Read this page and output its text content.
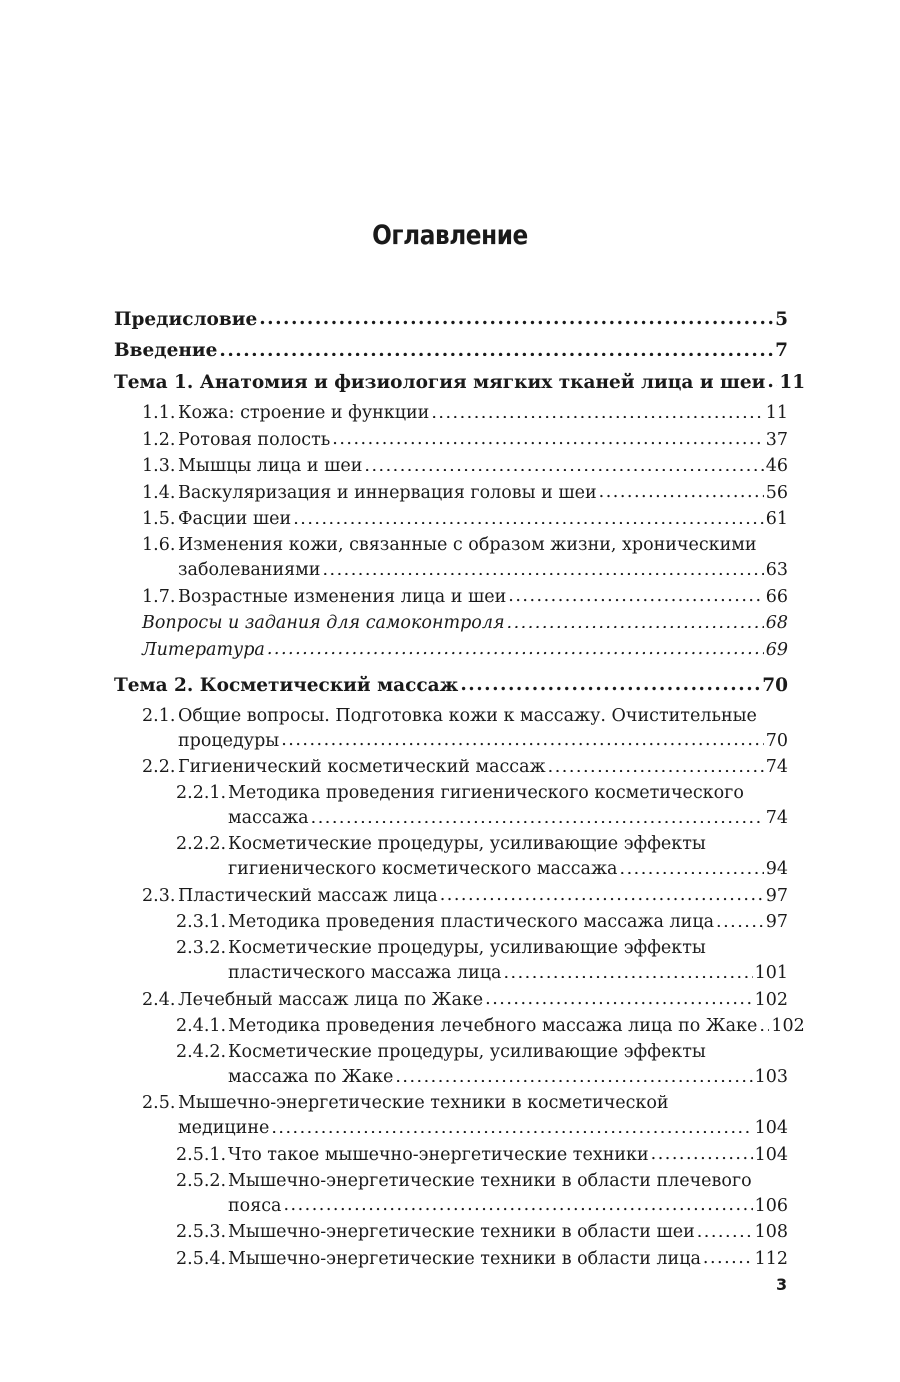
Оглавление
Предисловие .....	5
Введение .....	7
Тема 1. Анатомия и физиология мягких тканей лица и шеи ..... 11
1.1. Кожа: строение и функции .....	11
1.2. Ротовая полость .....	37
1.3. Мышцы лица и шеи .....	46
1.4. Васкуляризация и иннервация головы и шеи .....	56
1.5. Фасции шеи .....	61
1.6. Изменения кожи, связанные с образом жизни, хроническими
заболеваниями .....	63
1.7. Возрастные изменения лица и шеи .....	66
Вопросы и задания для самоконтроля .....	68
Литература .....	69
Тема 2. Косметический массаж .....	70
2.1. Общие вопросы. Подготовка кожи к массажу. Очистительные
процедуры .....	70
2.2. Гигиенический косметический массаж .....	74
2.2.1. Методика проведения гигиенического косметического
массажа .....	74
2.2.2. Косметические процедуры, усиливающие эффекты
гигиенического косметического массажа .....	94
2.3. Пластический массаж лица .....	97
2.3.1. Методика проведения пластического массажа лица .....	97
2.3.2. Косметические процедуры, усиливающие эффекты
пластического массажа лица .....	101
2.4. Лечебный массаж лица по Жаке .....	102
2.4.1. Методика проведения лечебного массажа лица по Жаке ..... 102
2.4.2. Косметические процедуры, усиливающие эффекты
массажа по Жаке .....	103
2.5. Мышечно-энергетические техники в косметической
медицине .....	104
2.5.1. Что такое мышечно-энергетические техники .....	104
2.5.2. Мышечно-энергетические техники в области плечевого
пояса .....	106
2.5.3. Мышечно-энергетические техники в области шеи .....	108
2.5.4. Мышечно-энергетические техники в области лица .....	112
3
